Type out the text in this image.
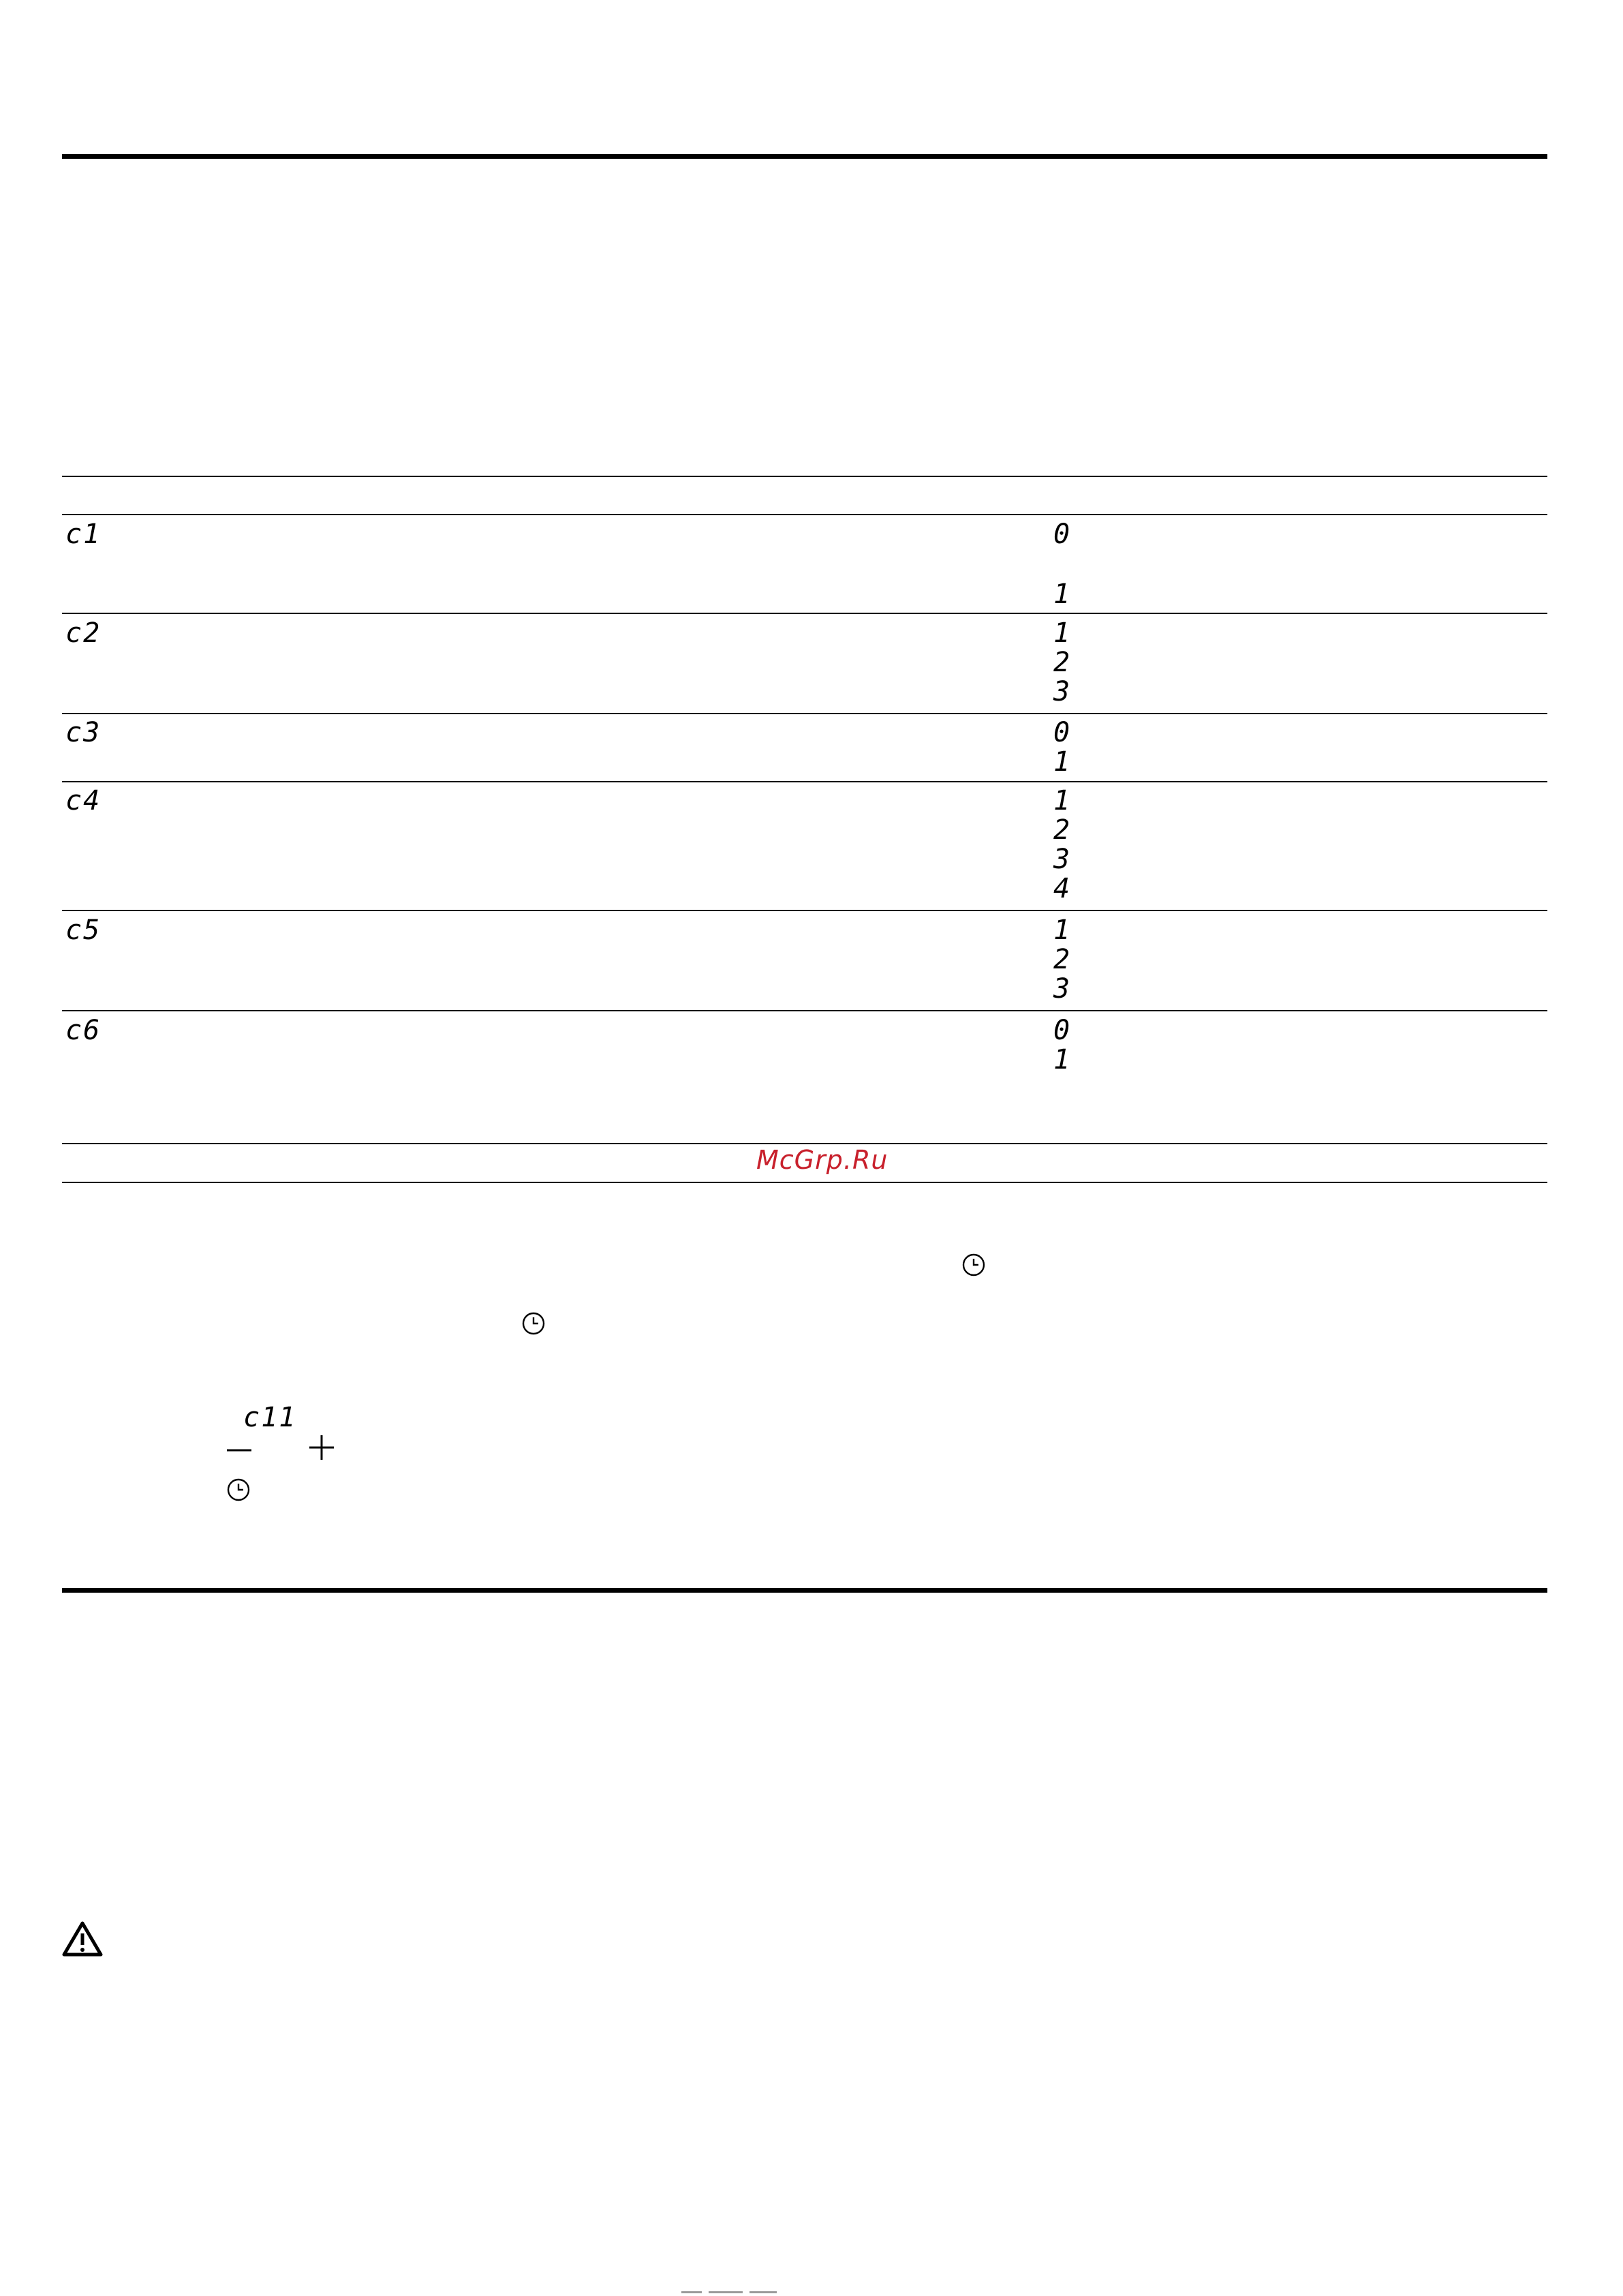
c1	0
1
c2	1
2
3
c3	0
1
c4	1
2
3
4
c5	1
2
3
c6	0
1
McGrp.Ru
c11
